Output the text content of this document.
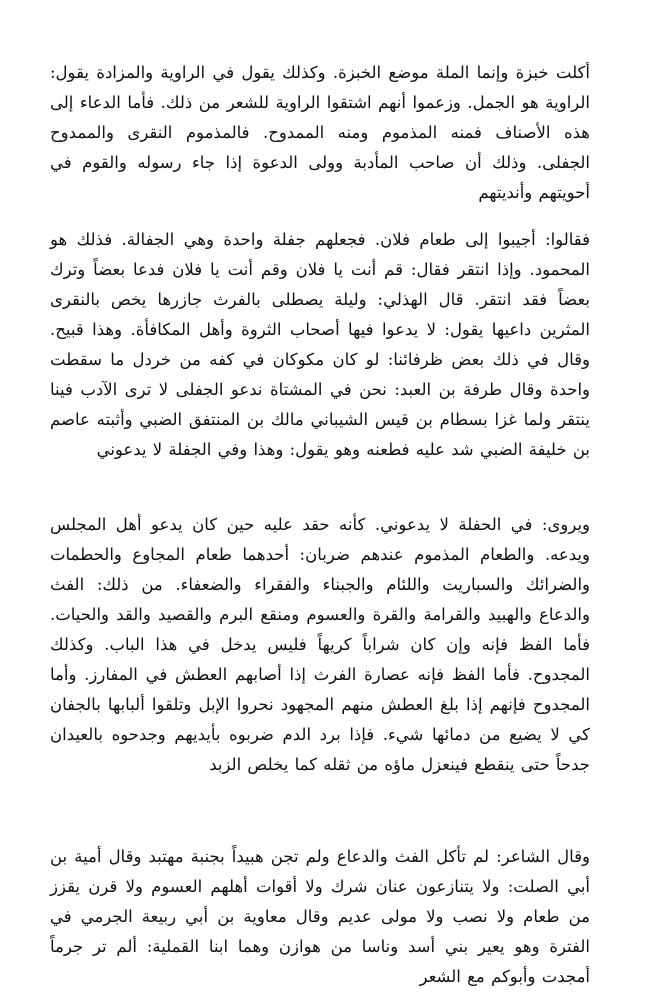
أكلت خبزة وإنما الملة موضع الخبزة. وكذلك يقول في الراوية والمزادة يقول: الراوية هو الجمل. وزعموا أنهم اشتقوا الراوية للشعر من ذلك. فأما الدعاء إلى هذه الأصناف فمنه المذموم ومنه الممدوح. فالمذموم النقرى والممدوح الجفلى. وذلك أن صاحب المأدبة وولى الدعوة إذا جاء رسوله والقوم في أحويتهم وأنديتهم

فقالوا: أجيبوا إلى طعام فلان. فجعلهم جفلة واحدة وهي الجفالة. فذلك هو المحمود. وإذا انتقر فقال: قم أنت يا فلان وقم أنت يا فلان فدعا بعضاً وترك بعضاً فقد انتقر. قال الهذلي: وليلة يصطلى بالفرث جازرها يخص بالنقرى المثرين داعيها يقول: لا يدعوا فيها أصحاب الثروة وأهل المكافأة. وهذا قبيح. وقال في ذلك بعض ظرفائنا: لو كان مكوكان في كفه من خردل ما سقطت واحدة وقال طرفة بن العبد: نحن في المشتاة ندعو الجفلى لا ترى الآدب فينا ينتقر ولما غزا بسطام بن قيس الشيباني مالك بن المنتفق الضبي وأثبته عاصم بن خليفة الضبي شد عليه فطعنه وهو يقول: وهذا وفي الجفلة لا يدعوني

ويروى: في الحفلة لا يدعوني. كأنه حقد عليه حين كان يدعو أهل المجلس ويدعه. والطعام المذموم عندهم ضربان: أحدهما طعام المجاوع والحطمات والضرائك والسباريت واللئام والجبناء والفقراء والضعفاء. من ذلك: الفث والدعاع والهبيد والقرامة والقرة والعسوم ومنقع البرم والقصيد والقد والحيات. فأما الفظ فإنه وإن كان شراباً كريهاً فليس يدخل في هذا الباب. وكذلك المجدوح. فأما الفظ فإنه عصارة الفرث إذا أصابهم العطش في المفارز. وأما المجدوح فإنهم إذا بلغ العطش منهم المجهود نحروا الإبل وتلقوا ألبابها بالجفان كي لا يضيع من دمائها شيء. فإذا برد الدم ضربوه بأيديهم وجدحوه بالعيدان جدحاً حتى ينقطع فينعزل ماؤه من ثقله كما يخلص الزبد

وقال الشاعر: لم تأكل الفث والدعاع ولم تجن هبيداً بجنبة مهتبد وقال أمية بن أبي الصلت: ولا يتنازعون عنان شرك ولا أقوات أهلهم العسوم ولا قرن يقزز من طعام ولا نصب ولا مولى عديم وقال معاوية بن أبي ربيعة الجرمي في الفترة وهو يعير بني أسد وناسا من هوازن وهما ابنا القملية: ألم تر جرماً أمجدت وأبوكم مع الشعر
